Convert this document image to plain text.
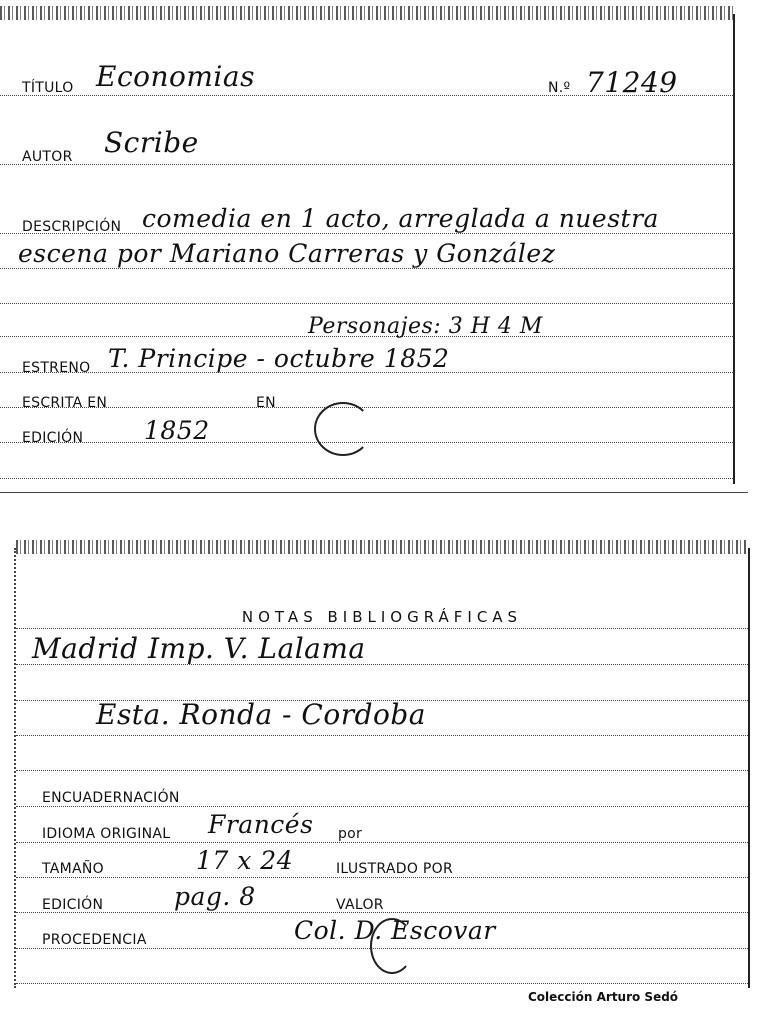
TÍTULO Economias	N.º 71249
AUTOR Scribe
DESCRIPCIÓN comedia en 1 acto, arreglada a nuestra
escena por Mariano Carreras y González
Personajes: 3 H 4 M
ESTRENO T. Principe - octubre 1852
ESCRITA EN	EN
EDICIÓN 1852
NOTAS BIBLIOGRÁFICAS
Madrid Imp. V. Lalama
Esta. Ronda - Cordoba
ENCUADERNACIÓN
IDIOMA ORIGINAL Francés por
TAMAÑO	17 x 24	ILUSTRADO POR
EDICIÓN	pag. 8	VALOR
PROCEDENCIA	Col. D. Escovar
Colección Arturo Sedó
